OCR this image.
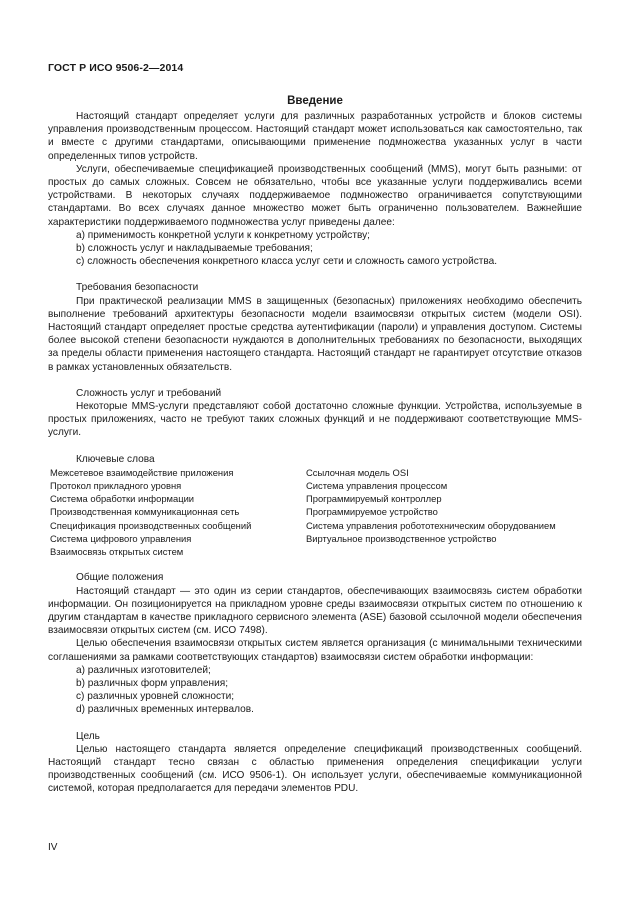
ГОСТ Р ИСО 9506-2—2014
Введение

Настоящий стандарт определяет услуги для различных разработанных устройств и блоков системы управления производственным процессом. Настоящий стандарт может использоваться как самостоятельно, так и вместе с другими стандартами, описывающими применение подмножества указанных услуг в части определенных типов устройств.

Услуги, обеспечиваемые спецификацией производственных сообщений (MMS), могут быть разными: от простых до самых сложных. Совсем не обязательно, чтобы все указанные услуги поддерживались всеми устройствами. В некоторых случаях поддерживаемое подмножество ограничивается сопутствующими стандартами. Во всех случаях данное множество может быть ограниченно пользователем. Важнейшие характеристики поддерживаемого подмножества услуг приведены далее:

a) применимость конкретной услуги к конкретному устройству;

b) сложность услуг и накладываемые требования;

c) сложность обеспечения конкретного класса услуг сети и сложность самого устройства.

Требования безопасности

При практической реализации MMS в защищенных (безопасных) приложениях необходимо обеспечить выполнение требований архитектуры безопасности модели взаимосвязи открытых систем (модели OSI). Настоящий стандарт определяет простые средства аутентификации (пароли) и управления доступом. Системы более высокой степени безопасности нуждаются в дополнительных требованиях по безопасности, выходящих за пределы области применения настоящего стандарта. Настоящий стандарт не гарантирует отсутствие отказов в рамках установленных обязательств.

Сложность услуг и требований

Некоторые MMS-услуги представляют собой достаточно сложные функции. Устройства, используемые в простых приложениях, часто не требуют таких сложных функций и не поддерживают соответствующие MMS-услуги.

Ключевые слова

Межсетевое взаимодействие приложения	Ссылочная модель OSI
Протокол прикладного уровня	Система управления процессом
Система обработки информации	Программируемый контроллер
Производственная коммуникационная сеть	Программируемое устройство
Спецификация производственных сообщений	Система управления робототехническим оборудованием
Система цифрового управления	Виртуальное производственное устройство
Взаимосвязь открытых систем

Общие положения

Настоящий стандарт — это один из серии стандартов, обеспечивающих взаимосвязь систем обработки информации. Он позиционируется на прикладном уровне среды взаимосвязи открытых систем по отношению к другим стандартам в качестве прикладного сервисного элемента (ASE) базовой ссылочной модели обеспечения взаимосвязи открытых систем (см. ИСО 7498).

Целью обеспечения взаимосвязи открытых систем является организация (с минимальными техническими соглашениями за рамками соответствующих стандартов) взаимосвязи систем обработки информации:

a) различных изготовителей;

b) различных форм управления;

c) различных уровней сложности;

d) различных временных интервалов.

Цель

Целью настоящего стандарта является определение спецификаций производственных сообщений. Настоящий стандарт тесно связан с областью применения определения спецификации услуги производственных сообщений (см. ИСО 9506-1). Он использует услуги, обеспечиваемые коммуникационной системой, которая предполагается для передачи элементов PDU.

IV
